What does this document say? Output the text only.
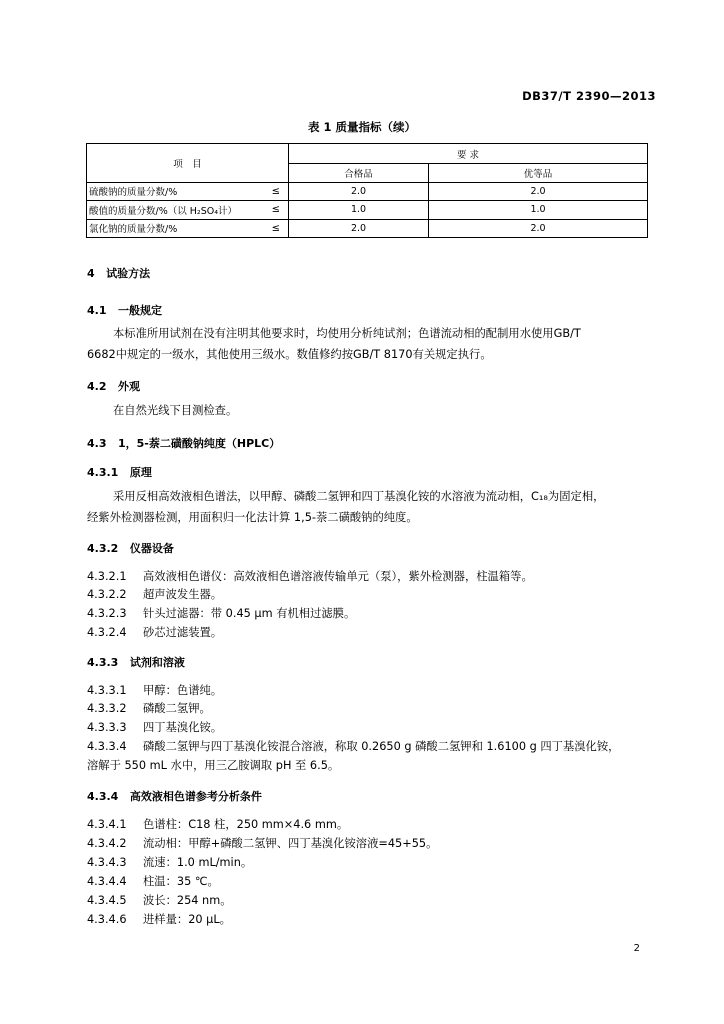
DB37/T 2390—2013
表 1 质量指标（续）
项　目	要 求	
	合格品	优等品

硫酸钠的质量分数/% ≤	2.0	2.0

酸值的质量分数/%（以 H₂SO₄计） ≤	1.0	1.0

氯化钠的质量分数/% ≤	2.0	2.0
4 试验方法
4.1 一般规定
本标准所用试剂在没有注明其他要求时，均使用分析纯试剂；色谱流动相的配制用水使用GB/T
6682中规定的一级水，其他使用三级水。数值修约按GB/T 8170有关规定执行。
4.2 外观
在自然光线下目测检查。
4.3 1，5-萘二磺酸钠纯度（HPLC）
4.3.1 原理
采用反相高效液相色谱法，以甲醇、磷酸二氢钾和四丁基溴化铵的水溶液为流动相，C₁₈为固定相，
经紫外检测器检测，用面积归一化法计算 1,5-萘二磺酸钠的纯度。
4.3.2 仪器设备
4.3.2.1 高效液相色谱仪：高效液相色谱溶液传输单元（泵），紫外检测器，柱温箱等。
4.3.2.2 超声波发生器。
4.3.2.3 针头过滤器：带 0.45 μm 有机相过滤膜。
4.3.2.4 砂芯过滤装置。
4.3.3 试剂和溶液
4.3.3.1 甲醇：色谱纯。
4.3.3.2 磷酸二氢钾。
4.3.3.3 四丁基溴化铵。
4.3.3.4 磷酸二氢钾与四丁基溴化铵混合溶液，称取 0.2650 g 磷酸二氢钾和 1.6100 g 四丁基溴化铵，
溶解于 550 mL 水中，用三乙胺调取 pH 至 6.5。
4.3.4 高效液相色谱参考分析条件
4.3.4.1 色谱柱：C18 柱，250 mm×4.6 mm。
4.3.4.2 流动相：甲醇+磷酸二氢钾、四丁基溴化铵溶液=45+55。
4.3.4.3 流速：1.0 mL/min。
4.3.4.4 柱温：35 ℃。
4.3.4.5 波长：254 nm。
4.3.4.6 进样量：20 μL。
2
